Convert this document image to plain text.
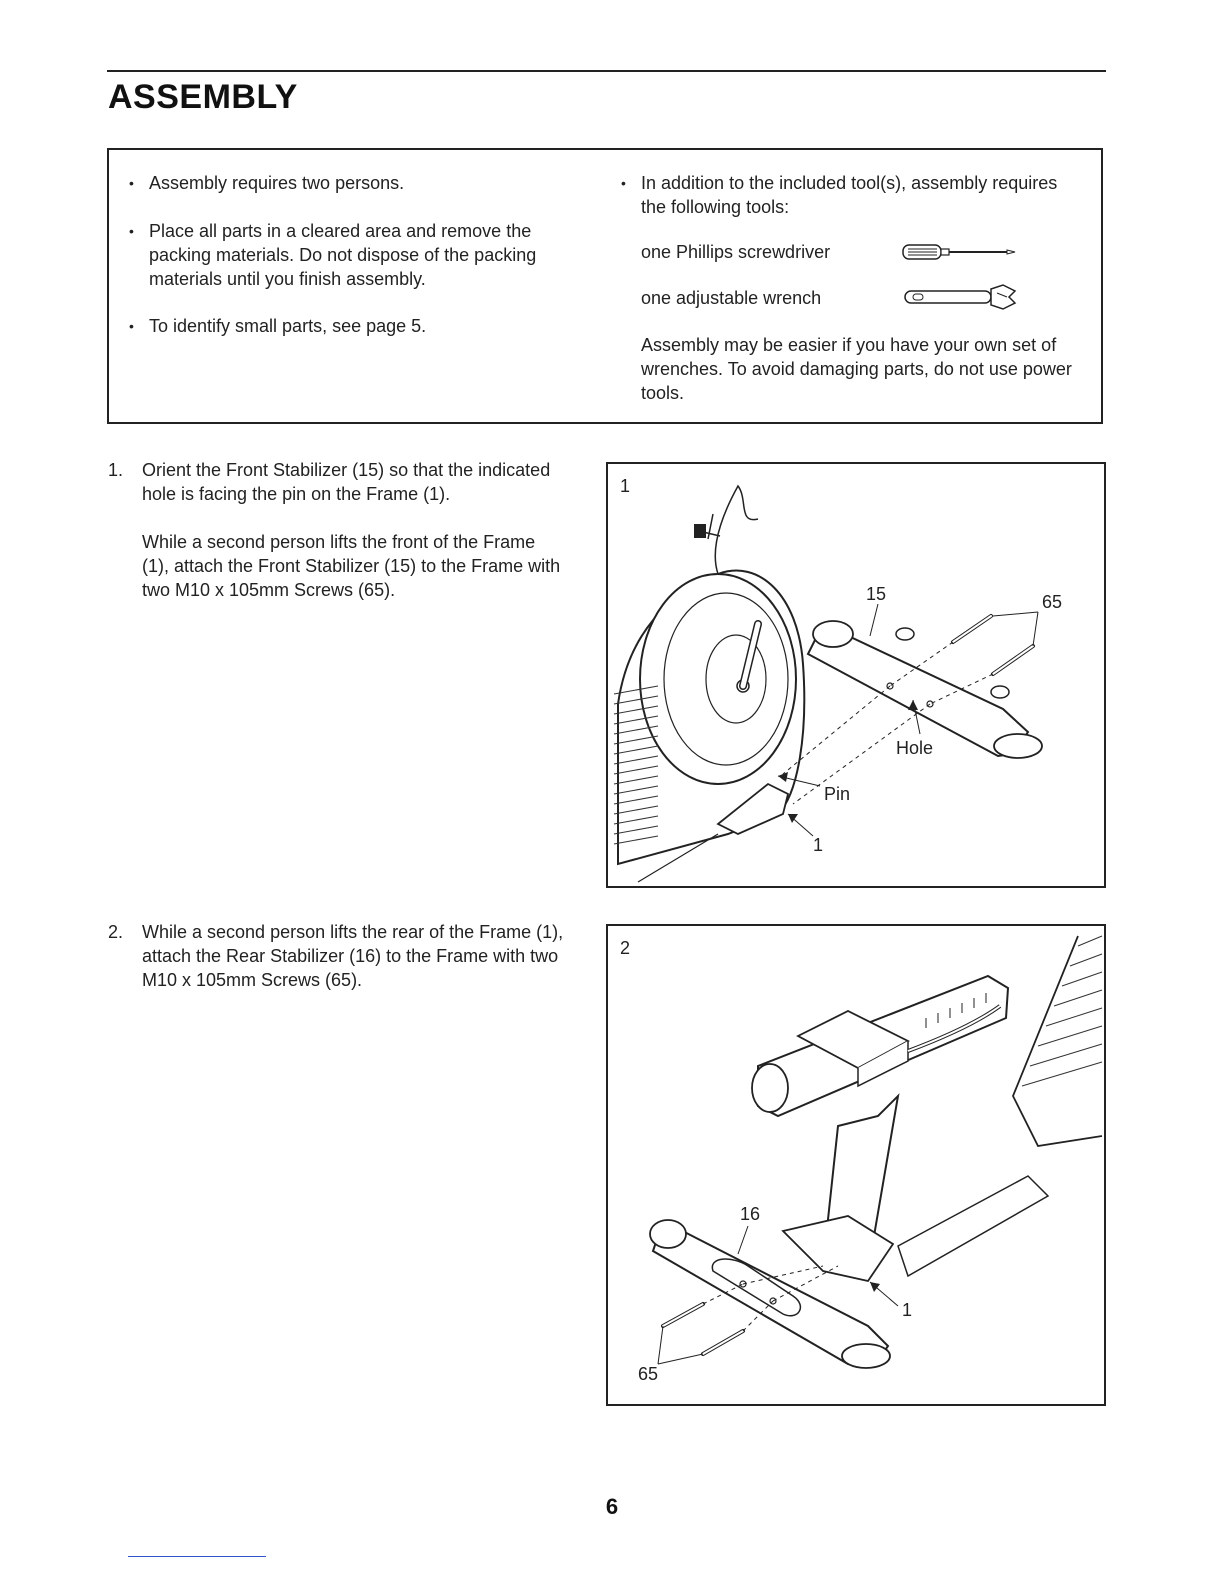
ASSEMBLY
• Assembly requires two persons.
• Place all parts in a cleared area and remove the packing materials. Do not dispose of the packing materials until you finish assembly.
• To identify small parts, see page 5.
• In addition to the included tool(s), assembly requires the following tools:
one Phillips screwdriver
one adjustable wrench
Assembly may be easier if you have your own set of wrenches. To avoid damaging parts, do not use power tools.
1. Orient the Front Stabilizer (15) so that the indicated hole is facing the pin on the Frame (1).

While a second person lifts the front of the Frame (1), attach the Front Stabilizer (15) to the Frame with two M10 x 105mm Screws (65).

1
15	65
Hole
Pin
1
2. While a second person lifts the rear of the Frame (1), attach the Rear Stabilizer (16) to the Frame with two M10 x 105mm Screws (65).

2
16
1
65
6
